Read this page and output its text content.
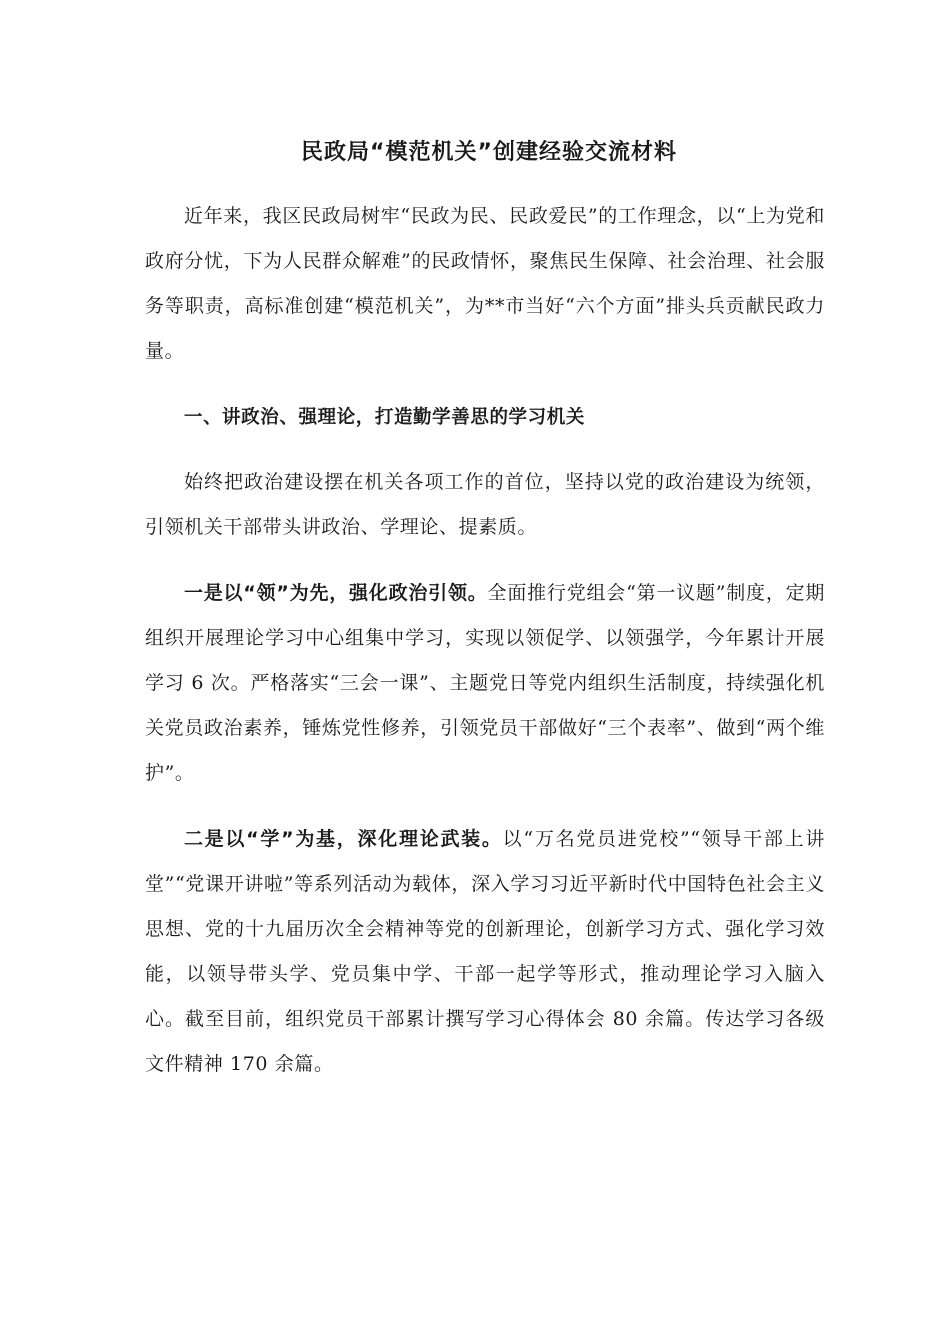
民政局“模范机关”创建经验交流材料

近年来，我区民政局树牢“民政为民、民政爱民”的工作理念，以“上为党和政府分忧，下为人民群众解难”的民政情怀，聚焦民生保障、社会治理、社会服务等职责，高标准创建“模范机关”，为**市当好“六个方面”排头兵贡献民政力量。

一、讲政治、强理论，打造勤学善思的学习机关

始终把政治建设摆在机关各项工作的首位，坚持以党的政治建设为统领，引领机关干部带头讲政治、学理论、提素质。

一是以“领”为先，强化政治引领。全面推行党组会“第一议题”制度，定期组织开展理论学习中心组集中学习，实现以领促学、以领强学，今年累计开展学习 6 次。严格落实“三会一课”、主题党日等党内组织生活制度，持续强化机关党员政治素养，锤炼党性修养，引领党员干部做好“三个表率”、做到“两个维护”。

二是以“学”为基，深化理论武装。以“万名党员进党校”“领导干部上讲堂”“党课开讲啦”等系列活动为载体，深入学习习近平新时代中国特色社会主义思想、党的十九届历次全会精神等党的创新理论，创新学习方式、强化学习效能，以领导带头学、党员集中学、干部一起学等形式，推动理论学习入脑入心。截至目前，组织党员干部累计撰写学习心得体会 80 余篇。传达学习各级文件精神 170 余篇。
